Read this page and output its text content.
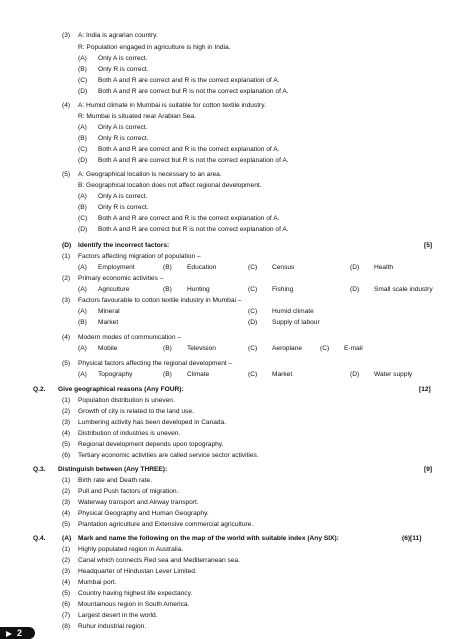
(3) A: India is agrarian country.
R: Population engaged in agriculture is high in India.
(A) Only A is correct.
(B) Only R is correct.
(C) Both A and R are correct and R is the correct explanation of A.
(D) Both A and R are correct but R is not the correct explanation of A.
(4) A: Humid climate in Mumbai is suitable for cotton textile industry.
R: Mumbai is situated near Arabian Sea.
(A) Only A is correct.
(B) Only R is correct.
(C) Both A and R are correct and R is the correct explanation of A.
(D) Both A and R are correct but R is not the correct explanation of A.
(5) A: Geographical location is necessary to an area.
B: Geographical location does not affect regional development.
(A) Only A is correct.
(B) Only R is correct.
(C) Both A and R are correct and R is the correct explanation of A.
(D) Both A and R are correct but R is not the correct explanation of A.
(D) Identify the incorrect factors:	[5]
(1) Factors affecting migration of population –
(A) Employment	(B) Education	(C) Census	(D) Health
(2) Primary economic activities –
(A) Agriculture	(B) Hunting	(C) Fishing	(D) Small scale industry
(3) Factors favourable to cotton textile industry in Mumbai –
(A) Mineral	(C) Humid climate
(B) Market	(D) Supply of labour
(4) Modern modes of communication –
(A) Mobile	(B) Television	(C) Aeroplane	(C) E-mail
(5) Physical factors affecting the regional development –
(A) Topography	(B) Climate	(C) Market	(D) Water supply
Q.2. Give geographical reasons (Any FOUR):	[12]
(1) Population distribution is uneven.
(2) Growth of city is related to the land use.
(3) Lumbering activity has been developed in Canada.
(4) Distribution of industries is uneven.
(5) Regional development depends upon topography.
(6) Tertiary economic activities are called service sector activities.
Q.3. Distinguish between (Any THREE):	[9]
(1) Birth rate and Death rate.
(2) Pull and Push factors of migration.
(3) Waterway transport and Airway transport.
(4) Physical Geography and Human Geography.
(5) Plantation agriculture and Extensive commercial agriculture.
Q.4.	(A) Mark and name the following on the map of the world with suitable index (Any SIX):	(6)[11]
(1) Highly populated region in Australia.
(2) Canal which connects Red sea and Mediterranean sea.
(3) Headquarter of Hindustan Lever Limited.
(4) Mumbai port.
(5) Country having highest life expectancy.
(6) Mountainous region in South America.
(7) Largest desert in the world.
(8) Ruhur industrial region.
2
